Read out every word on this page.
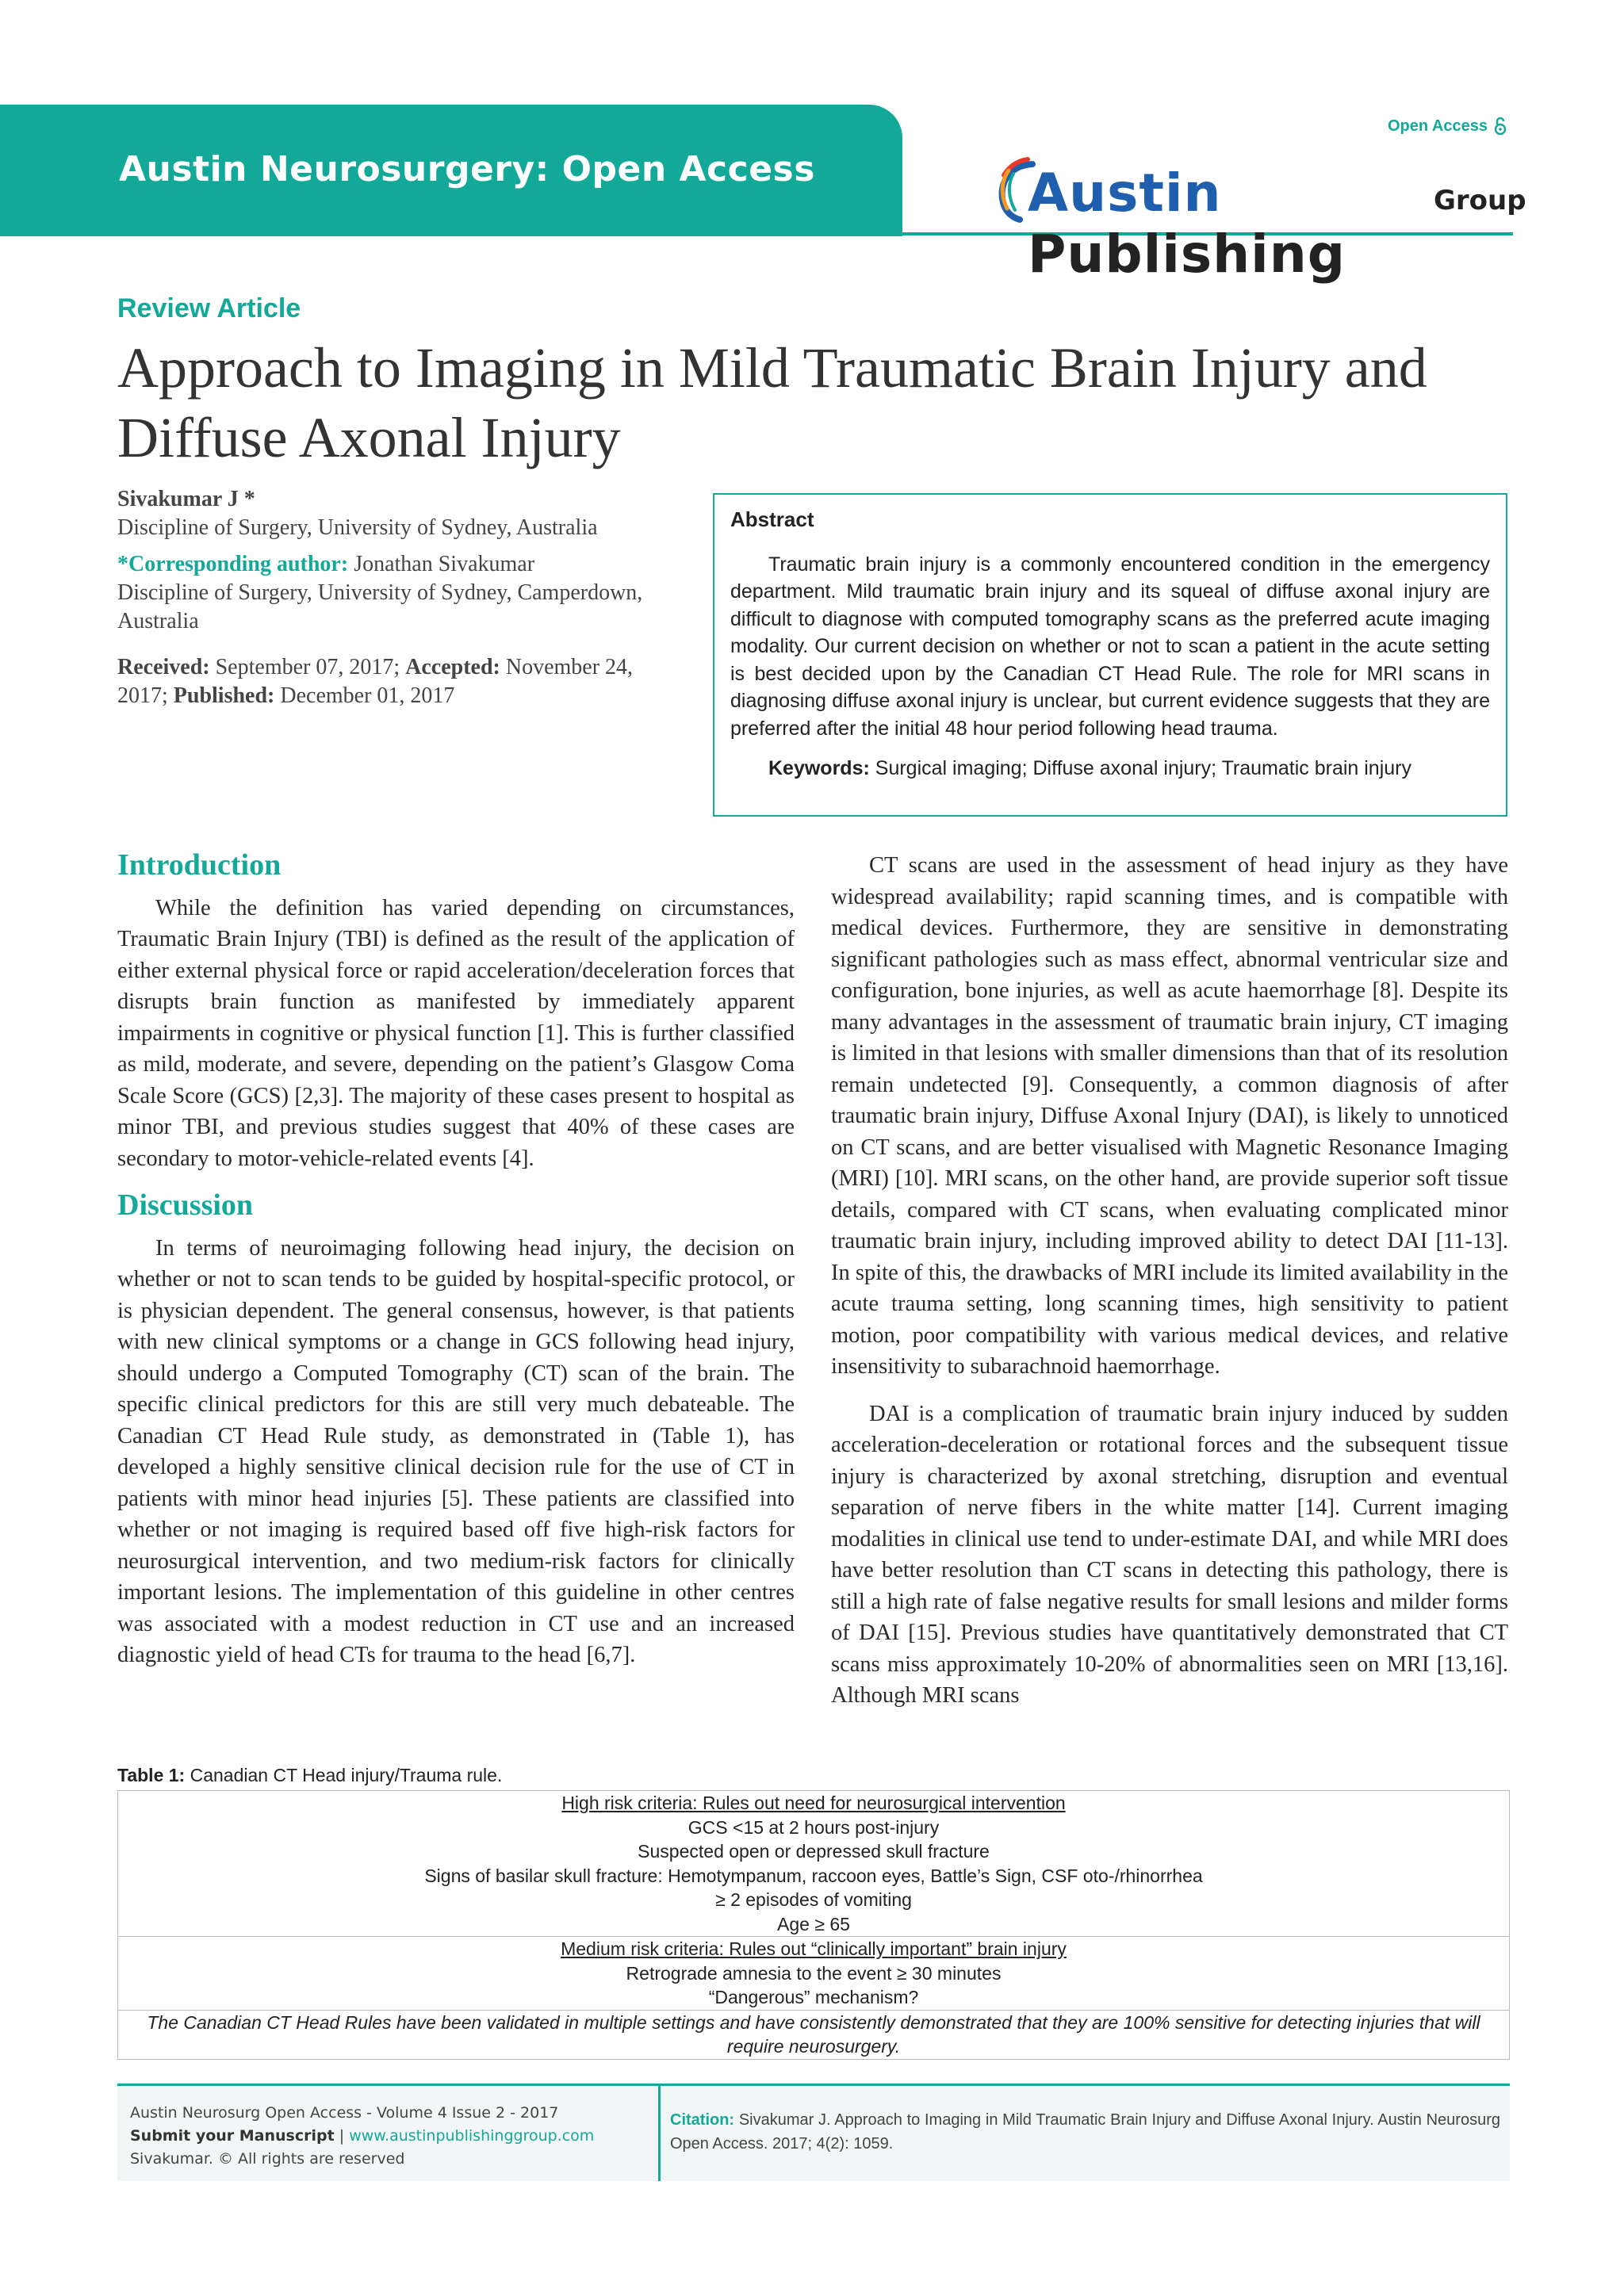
Austin Neurosurgery: Open Access
Open Access
Austin Publishing
Group
Review Article
Approach to Imaging in Mild Traumatic Brain Injury and Diffuse Axonal Injury
Sivakumar J *
Discipline of Surgery, University of Sydney, Australia
*Corresponding author: Jonathan Sivakumar
Discipline of Surgery, University of Sydney, Camperdown, Australia
Received: September 07, 2017; Accepted: November 24, 2017; Published: December 01, 2017
Abstract

Traumatic brain injury is a commonly encountered condition in the emergency department. Mild traumatic brain injury and its squeal of diffuse axonal injury are difficult to diagnose with computed tomography scans as the preferred acute imaging modality. Our current decision on whether or not to scan a patient in the acute setting is best decided upon by the Canadian CT Head Rule. The role for MRI scans in diagnosing diffuse axonal injury is unclear, but current evidence suggests that they are preferred after the initial 48 hour period following head trauma.

Keywords: Surgical imaging; Diffuse axonal injury; Traumatic brain injury
Introduction

While the definition has varied depending on circumstances, Traumatic Brain Injury (TBI) is defined as the result of the application of either external physical force or rapid acceleration/deceleration forces that disrupts brain function as manifested by immediately apparent impairments in cognitive or physical function [1]. This is further classified as mild, moderate, and severe, depending on the patient’s Glasgow Coma Scale Score (GCS) [2,3]. The majority of these cases present to hospital as minor TBI, and previous studies suggest that 40% of these cases are secondary to motor-vehicle-related events [4].

Discussion

In terms of neuroimaging following head injury, the decision on whether or not to scan tends to be guided by hospital-specific protocol, or is physician dependent. The general consensus, however, is that patients with new clinical symptoms or a change in GCS following head injury, should undergo a Computed Tomography (CT) scan of the brain. The specific clinical predictors for this are still very much debateable. The Canadian CT Head Rule study, as demonstrated in (Table 1), has developed a highly sensitive clinical decision rule for the use of CT in patients with minor head injuries [5]. These patients are classified into whether or not imaging is required based off five high-risk factors for neurosurgical intervention, and two medium-risk factors for clinically important lesions. The implementation of this guideline in other centres was associated with a modest reduction in CT use and an increased diagnostic yield of head CTs for trauma to the head [6,7].

CT scans are used in the assessment of head injury as they have widespread availability; rapid scanning times, and is compatible with medical devices. Furthermore, they are sensitive in demonstrating significant pathologies such as mass effect, abnormal ventricular size and configuration, bone injuries, as well as acute haemorrhage [8]. Despite its many advantages in the assessment of traumatic brain injury, CT imaging is limited in that lesions with smaller dimensions than that of its resolution remain undetected [9]. Consequently, a common diagnosis of after traumatic brain injury, Diffuse Axonal Injury (DAI), is likely to unnoticed on CT scans, and are better visualised with Magnetic Resonance Imaging (MRI) [10]. MRI scans, on the other hand, are provide superior soft tissue details, compared with CT scans, when evaluating complicated minor traumatic brain injury, including improved ability to detect DAI [11-13]. In spite of this, the drawbacks of MRI include its limited availability in the acute trauma setting, long scanning times, high sensitivity to patient motion, poor compatibility with various medical devices, and relative insensitivity to subarachnoid haemorrhage.

DAI is a complication of traumatic brain injury induced by sudden acceleration-deceleration or rotational forces and the subsequent tissue injury is characterized by axonal stretching, disruption and eventual separation of nerve fibers in the white matter [14]. Current imaging modalities in clinical use tend to under-estimate DAI, and while MRI does have better resolution than CT scans in detecting this pathology, there is still a high rate of false negative results for small lesions and milder forms of DAI [15]. Previous studies have quantitatively demonstrated that CT scans miss approximately 10-20% of abnormalities seen on MRI [13,16]. Although MRI scans

Table 1: Canadian CT Head injury/Trauma rule.
High risk criteria: Rules out need for neurosurgical intervention
GCS <15 at 2 hours post-injury
Suspected open or depressed skull fracture
Signs of basilar skull fracture: Hemotympanum, raccoon eyes, Battle’s Sign, CSF oto-/rhinorrhea
≥ 2 episodes of vomiting
Age ≥ 65
Medium risk criteria: Rules out “clinically important” brain injury
Retrograde amnesia to the event ≥ 30 minutes
“Dangerous” mechanism?
The Canadian CT Head Rules have been validated in multiple settings and have consistently demonstrated that they are 100% sensitive for detecting injuries that will require neurosurgery.
Austin Neurosurg Open Access - Volume 4 Issue 2 - 2017
Submit your Manuscript | www.austinpublishinggroup.com
Sivakumar. © All rights are reserved
Citation: Sivakumar J. Approach to Imaging in Mild Traumatic Brain Injury and Diffuse Axonal Injury. Austin Neurosurg Open Access. 2017; 4(2): 1059.
